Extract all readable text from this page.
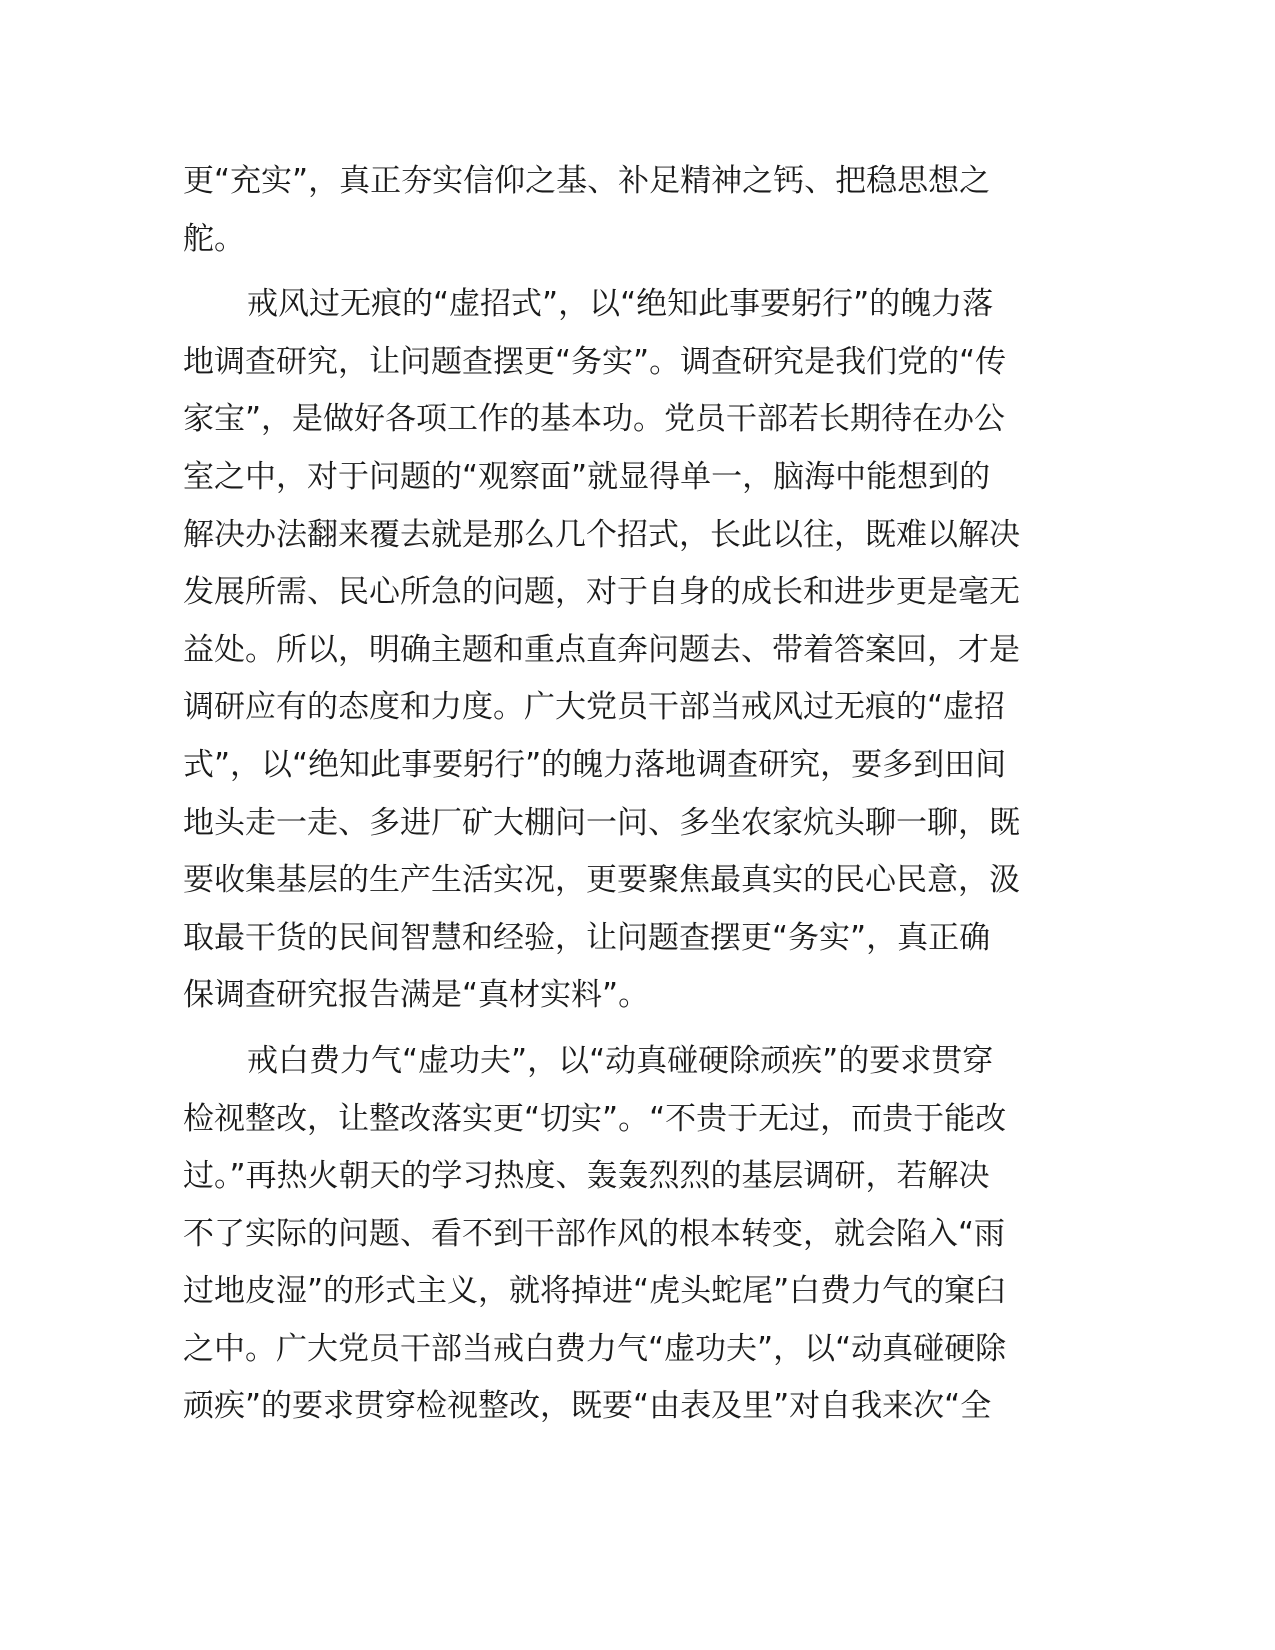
更“充实”，真正夯实信仰之基、补足精神之钙、把稳思想之
舵。
戒风过无痕的“虚招式”，以“绝知此事要躬行”的魄力落
地调查研究，让问题查摆更“务实”。调查研究是我们党的“传
家宝”，是做好各项工作的基本功。党员干部若长期待在办公
室之中，对于问题的“观察面”就显得单一，脑海中能想到的
解决办法翻来覆去就是那么几个招式，长此以往，既难以解决
发展所需、民心所急的问题，对于自身的成长和进步更是毫无
益处。所以，明确主题和重点直奔问题去、带着答案回，才是
调研应有的态度和力度。广大党员干部当戒风过无痕的“虚招
式”，以“绝知此事要躬行”的魄力落地调查研究，要多到田间
地头走一走、多进厂矿大棚问一问、多坐农家炕头聊一聊，既
要收集基层的生产生活实况，更要聚焦最真实的民心民意，汲
取最干货的民间智慧和经验，让问题查摆更“务实”，真正确
保调查研究报告满是“真材实料”。
戒白费力气“虚功夫”，以“动真碰硬除顽疾”的要求贯穿
检视整改，让整改落实更“切实”。“不贵于无过，而贵于能改
过。”再热火朝天的学习热度、轰轰烈烈的基层调研，若解决
不了实际的问题、看不到干部作风的根本转变，就会陷入“雨
过地皮湿”的形式主义，就将掉进“虎头蛇尾”白费力气的窠臼
之中。广大党员干部当戒白费力气“虚功夫”，以“动真碰硬除
顽疾”的要求贯穿检视整改，既要“由表及里”对自我来次“全
